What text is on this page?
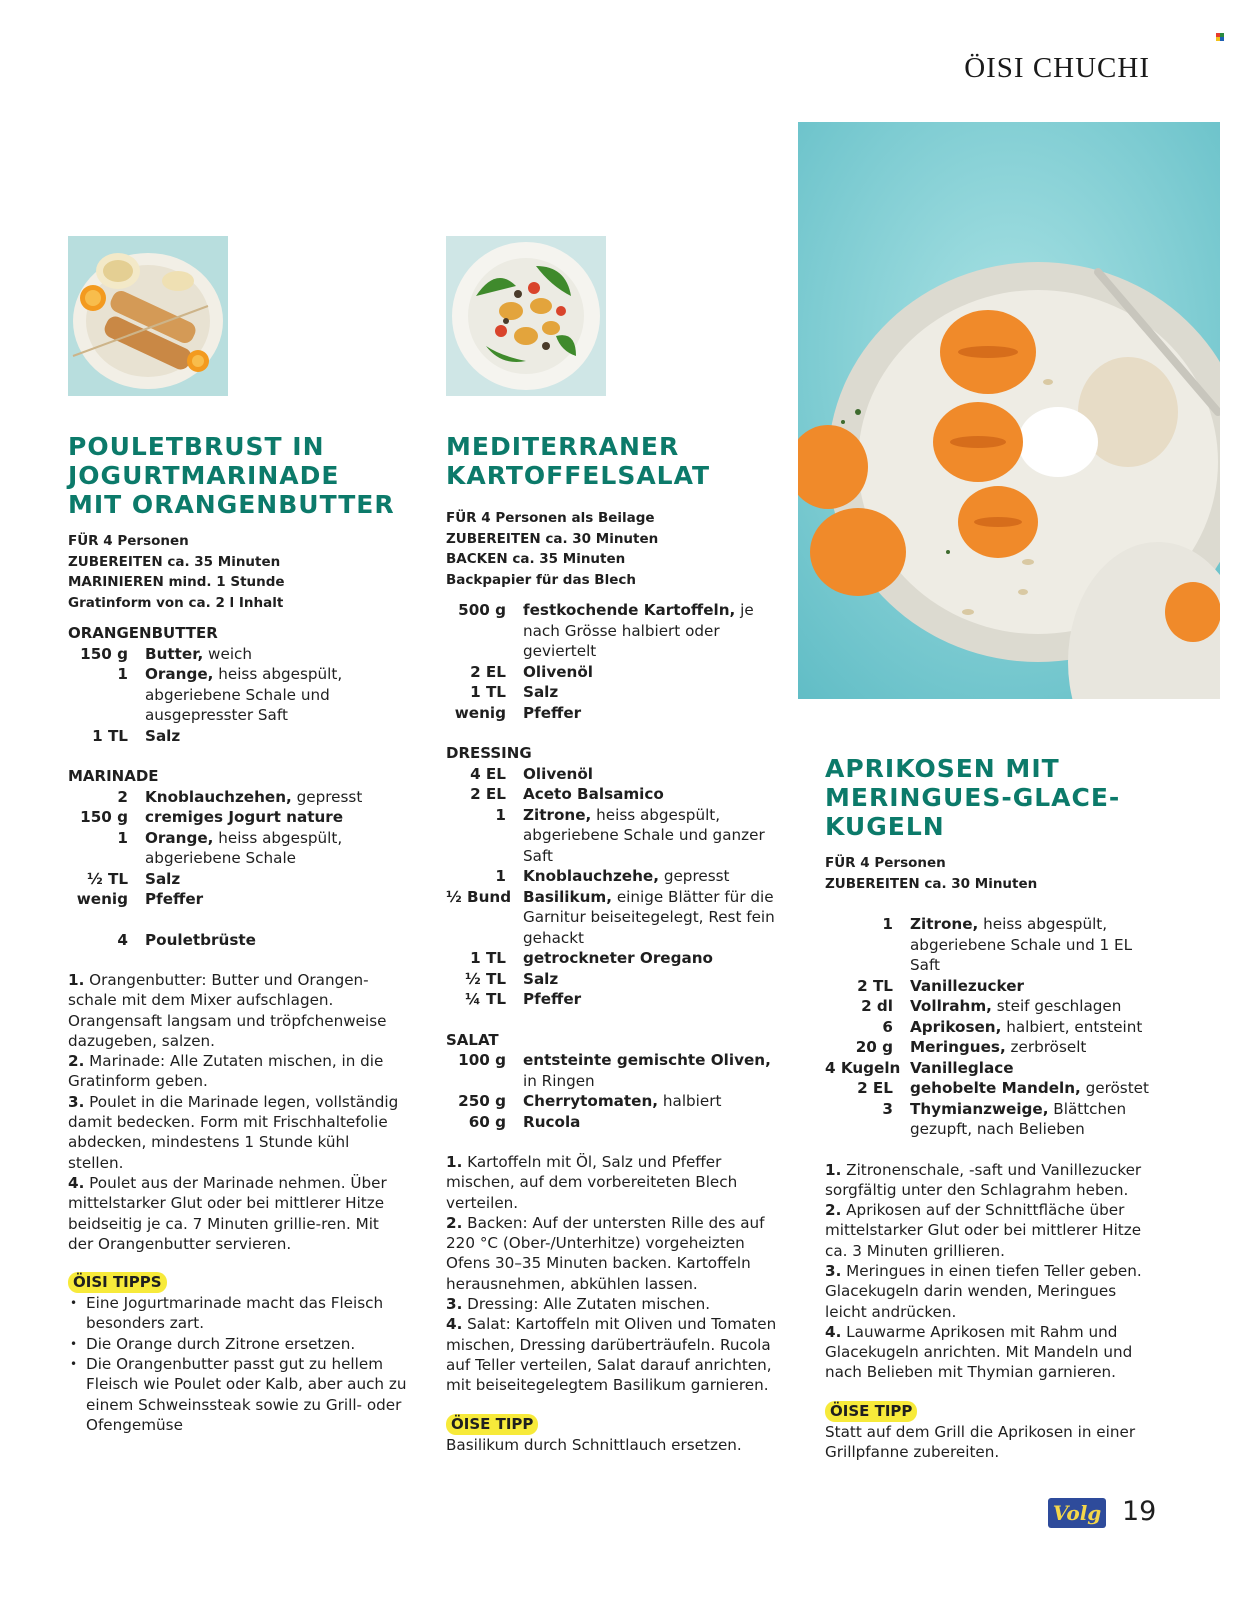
ÖISI CHUCHI
POULETBRUST IN
JOGURTMARINADE
MIT ORANGENBUTTER
FÜR 4 Personen
ZUBEREITEN ca. 35 Minuten
MARINIEREN mind. 1 Stunde
Gratinform von ca. 2 l Inhalt
ORANGENBUTTER
150 g	Butter, weich
1	Orange, heiss abgespült, abgeriebene Schale und ausgepresster Saft
1 TL	Salz
MARINADE
2	Knoblauchzehen, gepresst
150 g	cremiges Jogurt nature
1	Orange, heiss abgespült, abgeriebene Schale
½ TL	Salz
wenig	Pfeffer
4	Pouletbrüste

1. Orangenbutter: Butter und Orangen-schale mit dem Mixer aufschlagen. Orangensaft langsam und tröpfchenweise dazugeben, salzen.

2. Marinade: Alle Zutaten mischen, in die Gratinform geben.

3. Poulet in die Marinade legen, vollständig damit bedecken. Form mit Frischhaltefolie abdecken, mindestens 1 Stunde kühl stellen.

4. Poulet aus der Marinade nehmen. Über mittelstarker Glut oder bei mittlerer Hitze beidseitig je ca. 7 Minuten grillie-ren. Mit der Orangenbutter servieren.

ÖISI TIPPS
• Eine Jogurtmarinade macht das Fleisch besonders zart.
• Die Orange durch Zitrone ersetzen.
• Die Orangenbutter passt gut zu hellem Fleisch wie Poulet oder Kalb, aber auch zu einem Schweinssteak sowie zu Grill- oder Ofengemüse
MEDITERRANER
KARTOFFELSALAT
FÜR 4 Personen als Beilage
ZUBEREITEN ca. 30 Minuten
BACKEN ca. 35 Minuten
Backpapier für das Blech
500 g	festkochende Kartoffeln, je nach Grösse halbiert oder geviertelt
2 EL	Olivenöl
1 TL	Salz
wenig	Pfeffer
DRESSING
4 EL	Olivenöl
2 EL	Aceto Balsamico
1	Zitrone, heiss abgespült, abgeriebene Schale und ganzer Saft
1	Knoblauchzehe, gepresst
½ Bund Basilikum, einige Blätter für die Garnitur beiseitegelegt, Rest fein gehackt
1 TL	getrockneter Oregano
½ TL	Salz
¼ TL	Pfeffer
SALAT
100 g	entsteinte gemischte Oliven, in Ringen
250 g	Cherrytomaten, halbiert
60 g	Rucola

1. Kartoffeln mit Öl, Salz und Pfeffer mischen, auf dem vorbereiteten Blech verteilen.

2. Backen: Auf der untersten Rille des auf 220 °C (Ober-/Unterhitze) vorgeheizten Ofens 30–35 Minuten backen. Kartoffeln herausnehmen, abkühlen lassen.

3. Dressing: Alle Zutaten mischen.

4. Salat: Kartoffeln mit Oliven und Tomaten mischen, Dressing darüberträufeln. Rucola auf Teller verteilen, Salat darauf anrichten, mit beiseitegelegtem Basilikum garnieren.

ÖISE TIPP
Basilikum durch Schnittlauch ersetzen.
APRIKOSEN MIT
MERINGUES-GLACE-
KUGELN
FÜR 4 Personen
ZUBEREITEN ca. 30 Minuten
1	Zitrone, heiss abgespült, abgeriebene Schale und 1 EL Saft
2 TL	Vanillezucker
2 dl	Vollrahm, steif geschlagen
6	Aprikosen, halbiert, entsteint
20 g	Meringues, zerbröselt
4 Kugeln Vanilleglace
2 EL	gehobelte Mandeln, geröstet
3	Thymianzweige, Blättchen gezupft, nach Belieben

1. Zitronenschale, -saft und Vanillezucker sorgfältig unter den Schlagrahm heben.

2. Aprikosen auf der Schnittfläche über mittelstarker Glut oder bei mittlerer Hitze ca. 3 Minuten grillieren.

3. Meringues in einen tiefen Teller geben. Glacekugeln darin wenden, Meringues leicht andrücken.

4. Lauwarme Aprikosen mit Rahm und Glacekugeln anrichten. Mit Mandeln und nach Belieben mit Thymian garnieren.

ÖISE TIPP
Statt auf dem Grill die Aprikosen in einer Grillpfanne zubereiten.
Volg 19
